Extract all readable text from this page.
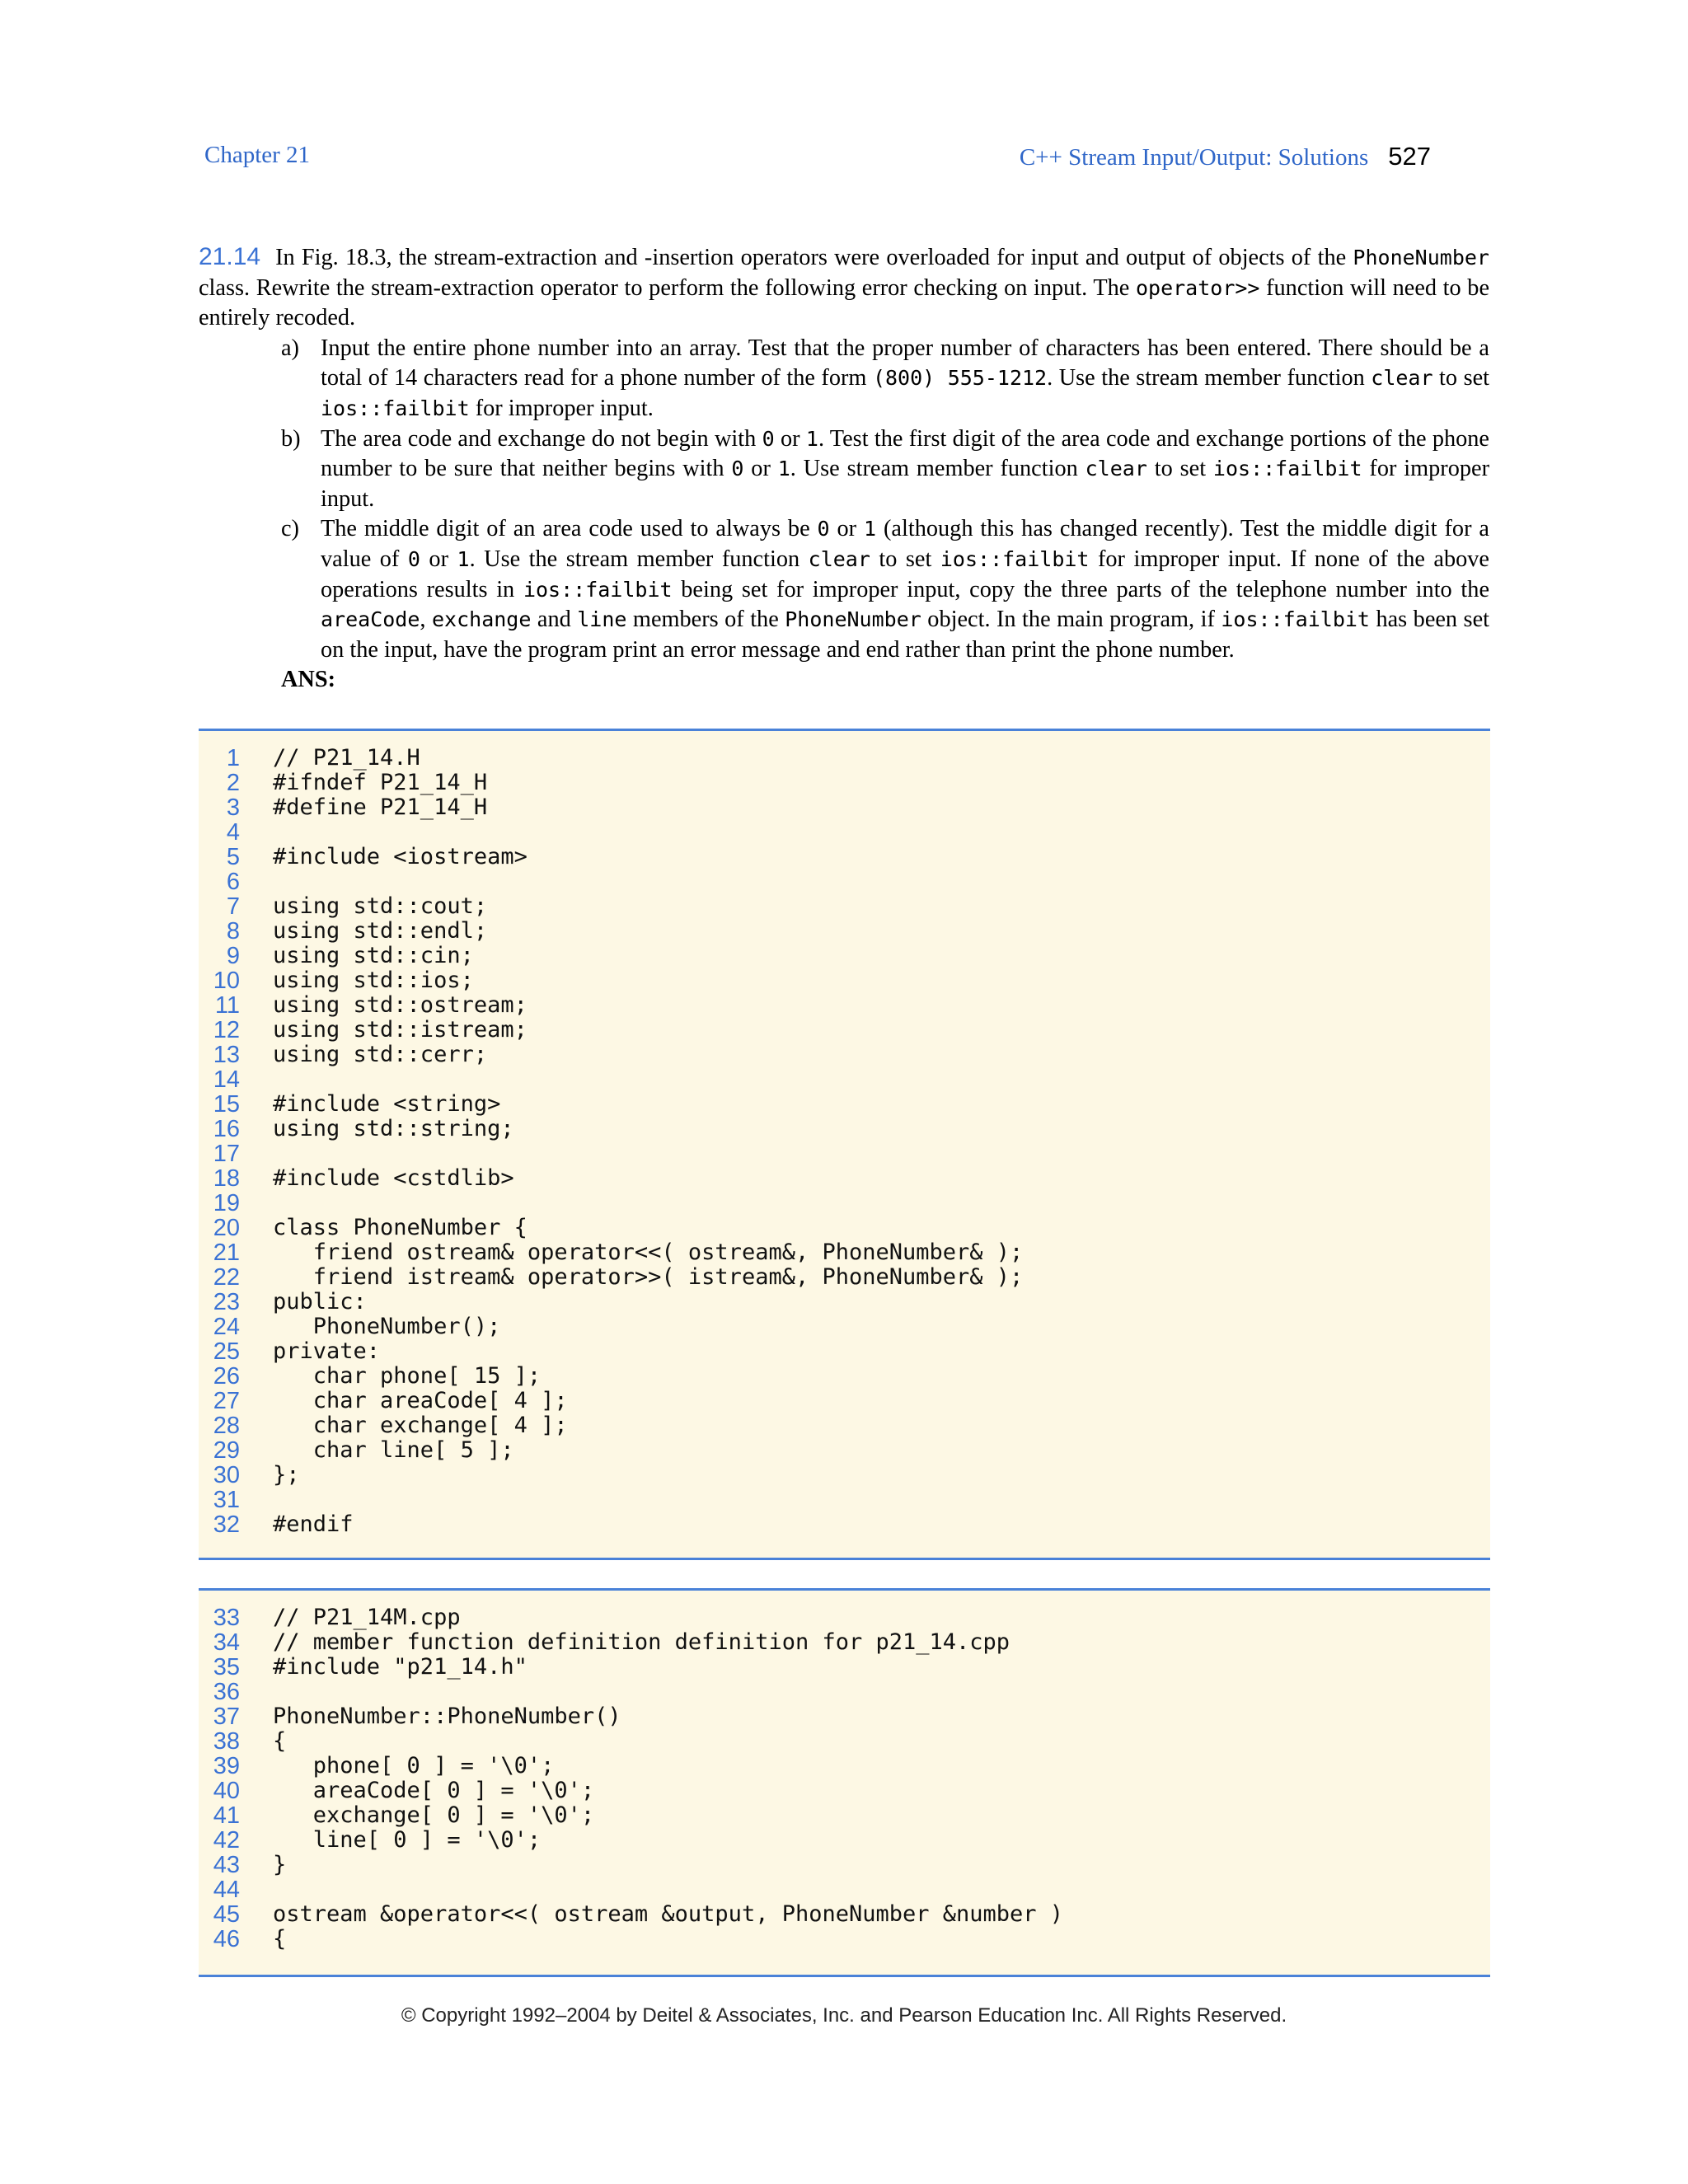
Chapter 21	C++ Stream Input/Output: Solutions 527

21.14 In Fig. 18.3, the stream-extraction and -insertion operators were overloaded for input and output of objects of the PhoneNumber class. Rewrite the stream-extraction operator to perform the following error checking on input. The operator>> function will need to be entirely recoded.

a) Input the entire phone number into an array. Test that the proper number of characters has been entered. There should be a total of 14 characters read for a phone number of the form (800) 555-1212. Use the stream member function clear to set ios::failbit for improper input.
b) The area code and exchange do not begin with 0 or 1. Test the first digit of the area code and exchange portions of the phone number to be sure that neither begins with 0 or 1. Use stream member function clear to set ios::failbit for improper input.
c) The middle digit of an area code used to always be 0 or 1 (although this has changed recently). Test the middle digit for a value of 0 or 1. Use the stream member function clear to set ios::failbit for improper input. If none of the above operations results in ios::failbit being set for improper input, copy the three parts of the telephone number into the areaCode, exchange and line members of the PhoneNumber object. In the main program, if ios::failbit has been set on the input, have the program print an error message and end rather than print the phone number.

ANS:

1	// P21_14.H
2	#ifndef P21_14_H
3	#define P21_14_H
4
5	#include <iostream>
6
7	using std::cout;
8	using std::endl;
9	using std::cin;
10	using std::ios;
11	using std::ostream;
12	using std::istream;
13	using std::cerr;
14
15	#include <string>
16	using std::string;
17
18	#include <cstdlib>
19
20	class PhoneNumber {
21	friend ostream& operator<<( ostream&, PhoneNumber& );
22	friend istream& operator>>( istream&, PhoneNumber& );
23	public:
24	PhoneNumber();
25	private:
26	char phone[ 15 ];
27	char areaCode[ 4 ];
28	char exchange[ 4 ];
29	char line[ 5 ];
30	};
31
32	#endif
33	// P21_14M.cpp
34	// member function definition definition for p21_14.cpp
35	#include "p21_14.h"
36
37	PhoneNumber::PhoneNumber()
38	{
39	phone[ 0 ] = '\0';
40	areaCode[ 0 ] = '\0';
41	exchange[ 0 ] = '\0';
42	line[ 0 ] = '\0';
43	}
44
45	ostream &operator<<( ostream &output, PhoneNumber &number )
46	{
© Copyright 1992–2004 by Deitel & Associates, Inc. and Pearson Education Inc. All Rights Reserved.
